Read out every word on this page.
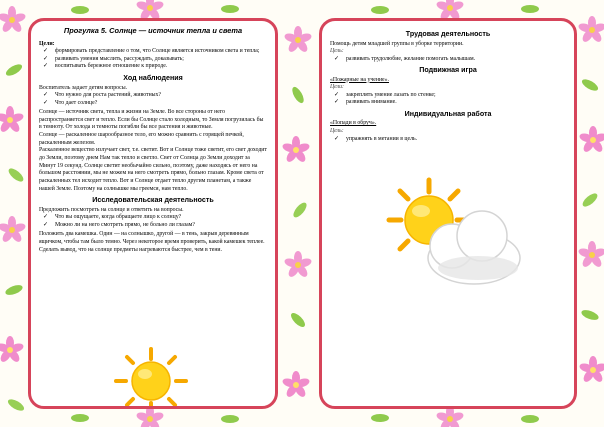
Прогулка 5. Солнце — источник тепла и света
Цели:
✓ формировать представление о том, что Солнце является источником света и тепла;
✓ развивать умения мыслить, рассуждать, доказывать;
✓ воспитывать бережное отношение к природе.
Ход наблюдения

Воспитатель задает детям вопросы.

✓ Что нужно для роста растений, животных?
✓ Что дает солнце?

Солнце — источник света, тепла и жизни на Земле. Во все стороны от него распространяется свет и тепло. Если бы Солнце стало холодным, то Земля погрузилась бы в темноту. От холода и темноты погибли бы все растения и животные.

Солнце — раскаленное шарообразное тело, его можно сравнить с горящей печкой, раскаленным железом.

Раскаленное вещество излучает свет, т.е. светит. Вот и Солнце тоже светит, его свет доходит до Земли, поэтому днем Нам так тепло и светло. Свет от Солнца до Земли доходит за Минут 19 секунд. Солнце светит необычайно сильно, поэтому, даже находясь от него на большом расстоянии, мы не можем на него смотреть прямо, больно глазам. Кроме света от раскаленных тел исходит тепло. Вот и Солнце отдает тепло другим планетам, а также нашей Земле. Поэтому на солнышке мы греемся, нам тепло.

Исследовательская деятельность

Предложить посмотреть на солнце и ответить на вопросы.

✓ Что вы ощущаете, когда обращаете лицо к солнцу?
✓ Можно ли на него смотреть прямо, не больно ли глазам?

Положить два камешка. Один — на солнышко, другой — в тень, закрыв деревянным ящичком, чтобы там было темно. Через некоторое время проверить, какой камешек теплее. Сделать вывод, что на солнце предметы нагреваются быстрее, чем в тени.

Трудовая деятельность

Помощь детям младшей группы в уборке территории.

Цель:
✓ развивать трудолюбие, желание помогать малышам.
Подвижная игра

«Пожарные на учение».

Цели:
✓ закреплять умение лазать по стенке;
✓ развивать внимание.
Индивидуальная работа

«Попади в обруч».

Цель:
✓ упражнять в метании в цель.
